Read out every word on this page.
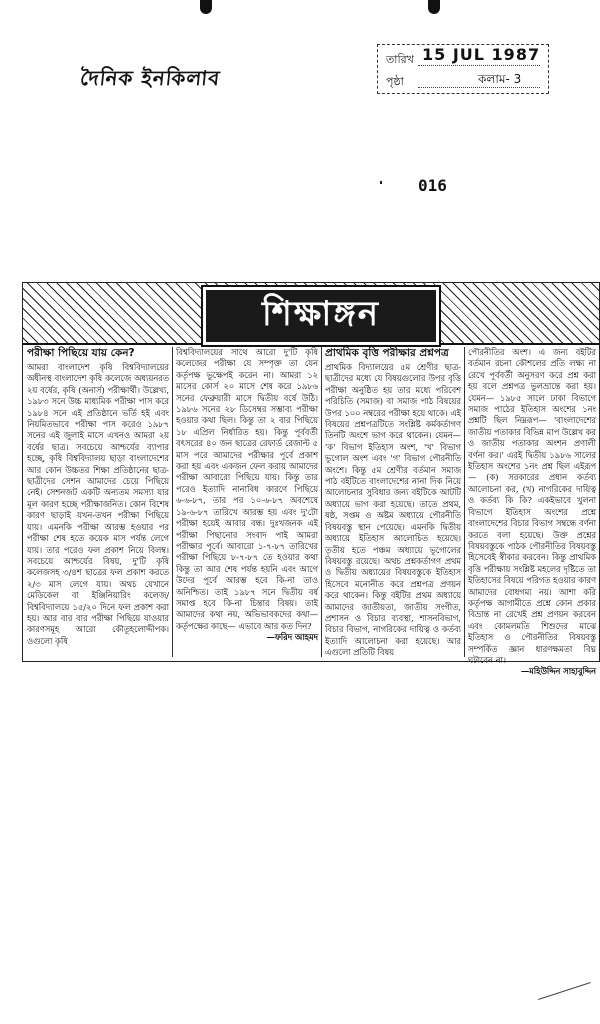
দৈনিক ইনকিলাব
তারিখ 15 JUL 1987
পৃষ্ঠা	কলাম- 3
016
শিক্ষাঙ্গন
পরীক্ষা পিছিয়ে যায় কেন?
আমরা বাংলাদেশ কৃষি বিশ্ববিদ্যালয়ের অধীনস্থ বাংলাদেশ কৃষি কলেজে অধ্যয়নরত ২য় বর্ষের, কৃষি (অনার্স) পরীক্ষার্থী। উল্লেখ্য, ১৯৮৩ সনে উচ্চ মাধ্যমিক পরীক্ষা পাস করে ১৯৮৪ সনে এই প্রতিষ্ঠানে ভর্তি হই এবং নিয়মিতভাবে পরীক্ষা পাস করেও ১৯৮৭ সনের এই জুলাই মাসে এখনও আমরা ২য় বর্ষের ছাত্র। সবচেয়ে আশ্চর্যের ব্যাপার হচ্ছে, কৃষি বিশ্ববিদ্যালয় ছাড়া বাংলাদেশের আর কোন উচ্চতর শিক্ষা প্রতিষ্ঠানের ছাত্র-ছাত্রীদের সেশন আমাদের চেয়ে পিছিয়ে নেই। সেশনজট একটি অন্যতম সমস্যা যার মূল কারণ হচ্ছে পরীক্ষাজনিত। কোন বিশেষ কারণ ছাড়াই যখন-তখন পরীক্ষা পিছিয়ে যায়। এমনকি পরীক্ষা আরম্ভ হওয়ার পর পরীক্ষা শেষ হতে কয়েক মাস পর্যন্ত লেগে যায়। তার পরেও ফল প্রকাশ নিয়ে বিলম্ব। সবচেয়ে আশ্চর্যের বিষয়, দু'টি কৃষি কলেজসহ ৩/৪শ ছাত্রের ফল প্রকাশ করতে ২/৩ মাস লেগে যায়। অথচ যেখানে মেডিকেল বা ইঞ্জিনিয়ারিং কলেজ/বিশ্ববিদ্যালয়ে ১৫/২০ দিনে ফল প্রকাশ করা হয়। আর বার বার পরীক্ষা পিছিয়ে যাওয়ার কারণসমূহ আরো কৌতূহলোদ্দীপক। ওগুলো কৃষি
বিশ্ববিদ্যালয়ের সাথে আরো দু'টি কৃষি কলেজের পরীক্ষা যে সম্পৃক্ত তা যেন কর্তৃপক্ষ ভুক্ষেপই করেন না। আমরা ১২ মাসের কোর্স ২০ মাসে শেষ করে ১৯৮৬ সনের ফেব্রুয়ারী মাসে দ্বিতীয় বর্ষে উঠি। ১৯৮৬ সনের ২৮ ডিসেম্বর সম্ভাব্য পরীক্ষা হওয়ার কথা ছিল। কিন্তু তা ২ বার পিছিয়ে ১৮ এপ্রিল নির্ধারিত হয়। কিন্তু পূর্ববর্তী বৎসরের ৪০ জন ছাত্রের রেফার্ড রেজাল্ট ৫ মাস পরে আমাদের পরীক্ষার পূর্বে প্রকাশ করা হয় এবং একজন ফেল করায় আমাদের পরীক্ষা আবারো পিছিয়ে যায়। কিন্তু তার পরেও ইত্যাদি নানাবিধ কারণে পিছিয়ে ৬-৬-৮৭, তার পর ১০-৬-৮৭ অবশেষে ১৯-৬-৮৭ তারিখে আরম্ভ হয় এবং দু'টো পরীক্ষা হয়েই আবার বন্ধ। দুঃখজনক এই পরীক্ষা পিছানোর সংবাদ পাই আমরা পরীক্ষার পূর্বে। আবারো ১-৭-৮৭ তারিখের পরীক্ষা পিছিয়ে ৮-৭-৮৭ তে হওয়ার কথা কিন্তু তা আর শেষ পর্যন্ত হয়নি এবং আগে উদের পূর্বে আরম্ভ হবে কি-না তাও অনিশ্চিত। তাই ১৯৮৭ সনে দ্বিতীয় বর্ষ সমাপ্ত হবে কি-না চিন্তার বিষয়। তাই আমাদের কথা নয়, অভিভাবকদের কথা— কর্তৃপক্ষের কাছে— এভাবে আর কত দিন?
—ফরিদ আহমদ
প্রাথমিক বৃত্তি পরীক্ষার প্রশ্নপত্র
প্রাথমিক বিদ্যালয়ের ৫ম শ্রেণীর ছাত্র-ছাত্রীদের মধ্যে যে বিষয়গুলোর উপর বৃত্তি পরীক্ষা অনুষ্ঠিত হয় তার মধ্যে পরিবেশ পরিচিতি (সমাজ) বা সমাজ পাঠ বিষয়ের উপর ১০০ নম্বরের পরীক্ষা হয়ে থাকে। এই বিষয়ের প্রশ্নপত্রটিতে সংশ্লিষ্ট কর্মকর্তাগণ তিনটি অংশে ভাগ করে থাকেন। যেমন— 'ক' বিভাগ ইতিহাস অংশ, 'খ' বিভাগ ভূগোল অংশ এবং 'গ' বিভাগ পৌরনীতি অংশে। কিন্তু ৫ম শ্রেণীর বর্তমান সমাজ পাঠ বইটিতে বাংলাদেশের নানা দিক নিয়ে আলোচনার সুবিধার জন্য বইটিকে আটটি অধ্যায়ে ভাগ করা হয়েছে। তাতে প্রথম, ষষ্ঠ, সপ্তম ও অষ্টম অধ্যায়ে পৌরনীতি বিষয়বস্তু স্থান পেয়েছে। এমনকি দ্বিতীয় অধ্যায়ে ইতিহাস আলোচিত হয়েছে। তৃতীয় হতে পঞ্চম অধ্যায়ে ভূগোলের বিষয়বস্তু রয়েছে। অথচ প্রশ্নকর্তাগণ প্রথম ও দ্বিতীয় অধ্যায়ের বিষয়বস্তুকে ইতিহাস হিসেবে মনোনীত করে প্রশ্নপত্র প্রণয়ন করে থাকেন। কিন্তু বইটির প্রথম অধ্যায়ে আমাদের জাতীয়তা, জাতীয় সংগীত, প্রশাসন ও বিচার ব্যবস্থা, শাসনবিভাগ, বিচার বিভাগ, নাগরিকের দায়িত্ব ও কর্তব্য ইত্যাদি আলোচনা করা হয়েছে। আর এগুলো প্রতিটি বিষয়
পৌরনীতির অংশ। এ জন্য বইটির বর্তমান রচনা কৌশলের প্রতি লক্ষ্য না রেখে পূর্ববর্তী অনুসরণ করে প্রশ্ন করা হয় বলে প্রশ্নপত্র ভুলভ্রান্তে করা হয়। যেমন— ১৯৮৫ সালে ঢাকা বিভাগে সমাজ পাঠের ইতিহাস অংশের ১নং প্রশ্নটি ছিল নিম্নরূপ— 'বাংলাদেশের জাতীয় পতাকার বিভিন্ন মাপ উল্লেখ কর ও জাতীয় পতাকার অংশন প্রণালী বর্ণনা কর।' এরই দ্বিতীয় ১৯৮৬ সালের ইতিহাস অংশের ১নং প্রশ্ন ছিল এইরূপ— (ক) সরকারের প্রধান কর্তব্য আলোচনা কর, (খ) নাগরিকের দায়িত্ব ও কর্তব্য কি কি? একইভাবে খুলনা বিভাগে ইতিহাস অংশের প্রশ্নে বাংলাদেশের বিচার বিভাগ সম্বন্ধে বর্ণনা করতে বলা হয়েছে। উক্ত প্রশ্নের বিষয়বস্তুকে পাঠক পৌরনীতির বিষয়বস্তু হিসেবেই স্বীকার করবেন। কিন্তু প্রাথমিক বৃত্তি পরীক্ষায় সংশ্লিষ্ট মহলের দৃষ্টিতে তা ইতিহাসের বিষয়ে পরিগত হওয়ার কারণ আমাদের বোধগম্য নয়। আশা করি কর্তৃপক্ষ আগামীতে প্রশ্নে কোন প্রকার বিভ্রান্ত না রেখেই প্রশ্ন প্রণয়ন করবেন এবং কোমলমতি শিশুদের মাঝে ইতিহাস ও পৌরনীতির বিষয়বস্তু সম্পর্কিত জ্ঞান ধারণক্ষমতা বিঘ্ন ঘটাবেন না।
—মহিউদ্দিন সাহাবুদ্দিন
